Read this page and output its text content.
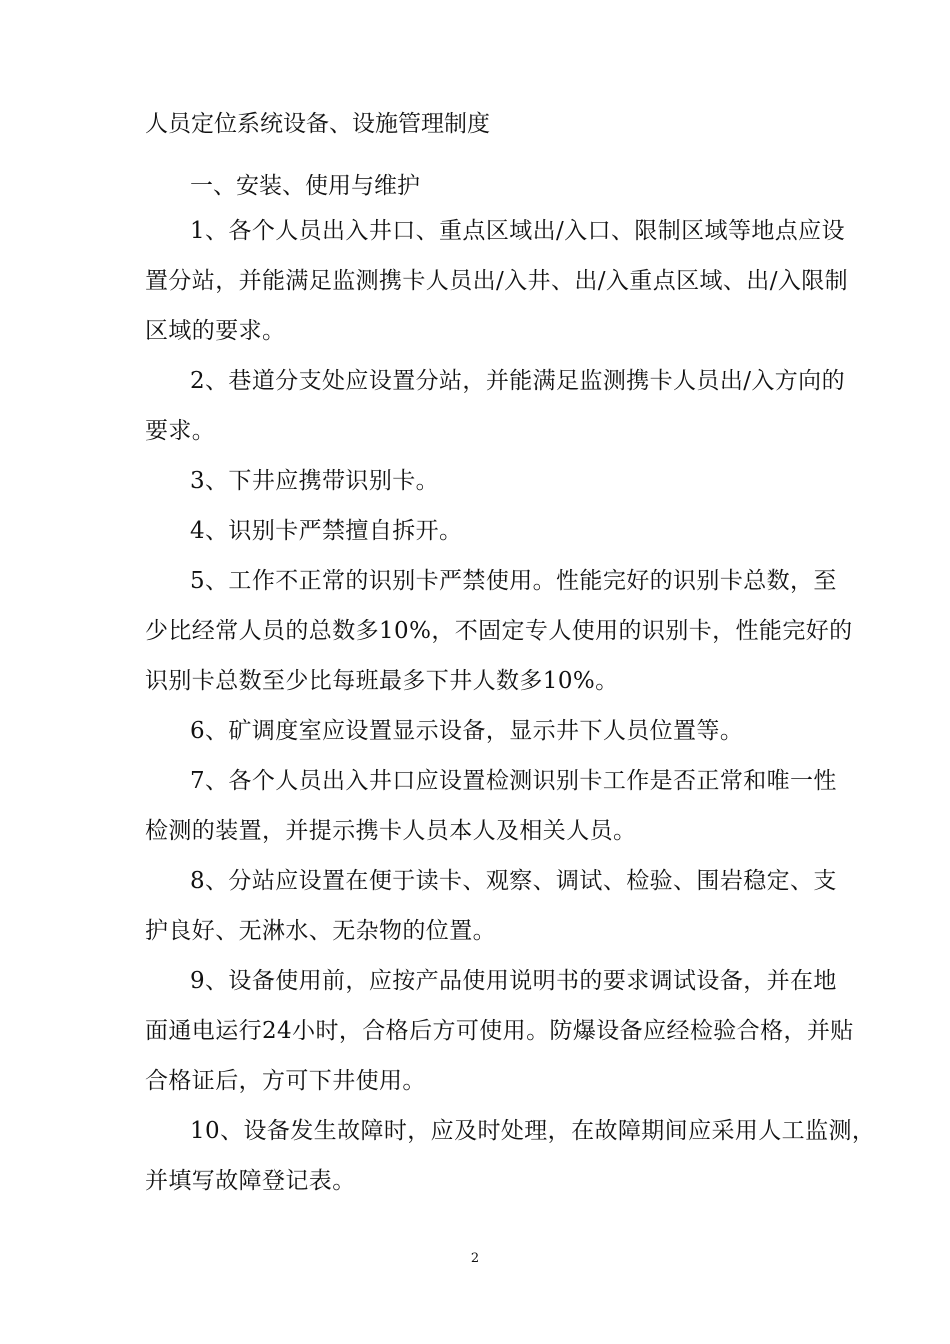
人员定位系统设备、设施管理制度
一、安装、使用与维护

1、各个人员出入井口、重点区域出/入口、限制区域等地点应设
置分站，并能满足监测携卡人员出/入井、出/入重点区域、出/入限制
区域的要求。

2、巷道分支处应设置分站，并能满足监测携卡人员出/入方向的
要求。

3、下井应携带识别卡。

4、识别卡严禁擅自拆开。

5、工作不正常的识别卡严禁使用。性能完好的识别卡总数，至
少比经常人员的总数多10%，不固定专人使用的识别卡，性能完好的
识别卡总数至少比每班最多下井人数多10%。

6、矿调度室应设置显示设备，显示井下人员位置等。

7、各个人员出入井口应设置检测识别卡工作是否正常和唯一性
检测的装置，并提示携卡人员本人及相关人员。

8、分站应设置在便于读卡、观察、调试、检验、围岩稳定、支
护良好、无淋水、无杂物的位置。

9、设备使用前，应按产品使用说明书的要求调试设备，并在地
面通电运行24小时，合格后方可使用。防爆设备应经检验合格，并贴
合格证后，方可下井使用。

10、设备发生故障时，应及时处理，在故障期间应采用人工监测，
并填写故障登记表。

2
